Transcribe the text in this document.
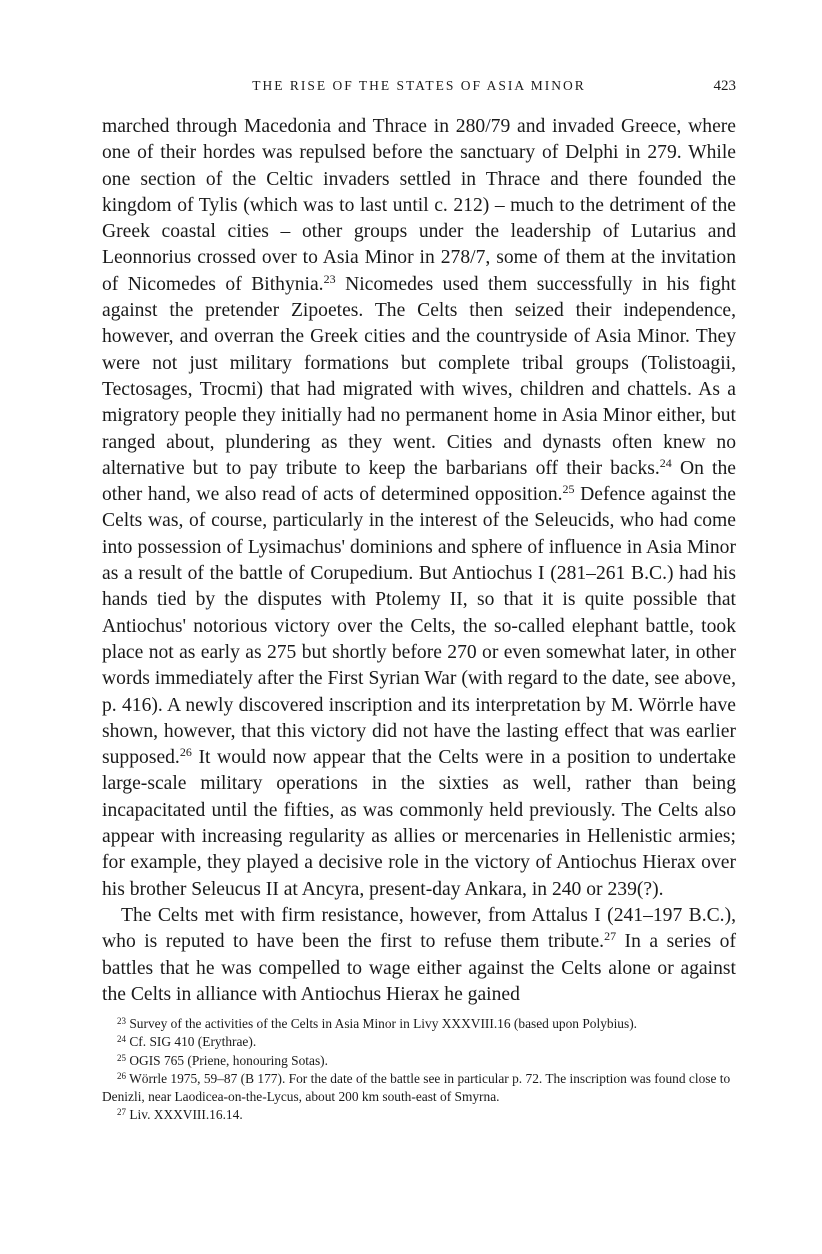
THE RISE OF THE STATES OF ASIA MINOR	423

marched through Macedonia and Thrace in 280/79 and invaded Greece, where one of their hordes was repulsed before the sanctuary of Delphi in 279. While one section of the Celtic invaders settled in Thrace and there founded the kingdom of Tylis (which was to last until c. 212) – much to the detriment of the Greek coastal cities – other groups under the leadership of Lutarius and Leonnorius crossed over to Asia Minor in 278/7, some of them at the invitation of Nicomedes of Bithynia.$^{23}$ Nicomedes used them successfully in his fight against the pretender Zipoetes. The Celts then seized their independence, however, and overran the Greek cities and the countryside of Asia Minor. They were not just military formations but complete tribal groups (Tolistoagii, Tectosages, Trocmi) that had migrated with wives, children and chattels. As a migratory people they initially had no permanent home in Asia Minor either, but ranged about, plundering as they went. Cities and dynasts often knew no alternative but to pay tribute to keep the barbarians off their backs.$^{24}$ On the other hand, we also read of acts of determined opposition.$^{25}$ Defence against the Celts was, of course, particularly in the interest of the Seleucids, who had come into possession of Lysimachus' dominions and sphere of influence in Asia Minor as a result of the battle of Corupedium. But Antiochus I (281–261 B.C.) had his hands tied by the disputes with Ptolemy II, so that it is quite possible that Antiochus' notorious victory over the Celts, the so-called elephant battle, took place not as early as 275 but shortly before 270 or even somewhat later, in other words immediately after the First Syrian War (with regard to the date, see above, p. 416). A newly discovered inscription and its interpretation by M. Wörrle have shown, however, that this victory did not have the lasting effect that was earlier supposed.$^{26}$ It would now appear that the Celts were in a position to undertake large-scale military operations in the sixties as well, rather than being incapacitated until the fifties, as was commonly held previously. The Celts also appear with increasing regularity as allies or mercenaries in Hellenistic armies; for example, they played a decisive role in the victory of Antiochus Hierax over his brother Seleucus II at Ancyra, present-day Ankara, in 240 or 239(?).

The Celts met with firm resistance, however, from Attalus I (241–197 B.C.), who is reputed to have been the first to refuse them tribute.$^{27}$ In a series of battles that he was compelled to wage either against the Celts alone or against the Celts in alliance with Antiochus Hierax he gained

$^{23}$ Survey of the activities of the Celts in Asia Minor in Livy XXXVIII.16 (based upon Polybius).
$^{24}$ Cf. SIG 410 (Erythrae).
$^{25}$ OGIS 765 (Priene, honouring Sotas).
$^{26}$ Wörrle 1975, 59–87 (B 177). For the date of the battle see in particular p. 72. The inscription was found close to Denizli, near Laodicea-on-the-Lycus, about 200 km south-east of Smyrna.
$^{27}$ Liv. XXXVIII.16.14.
